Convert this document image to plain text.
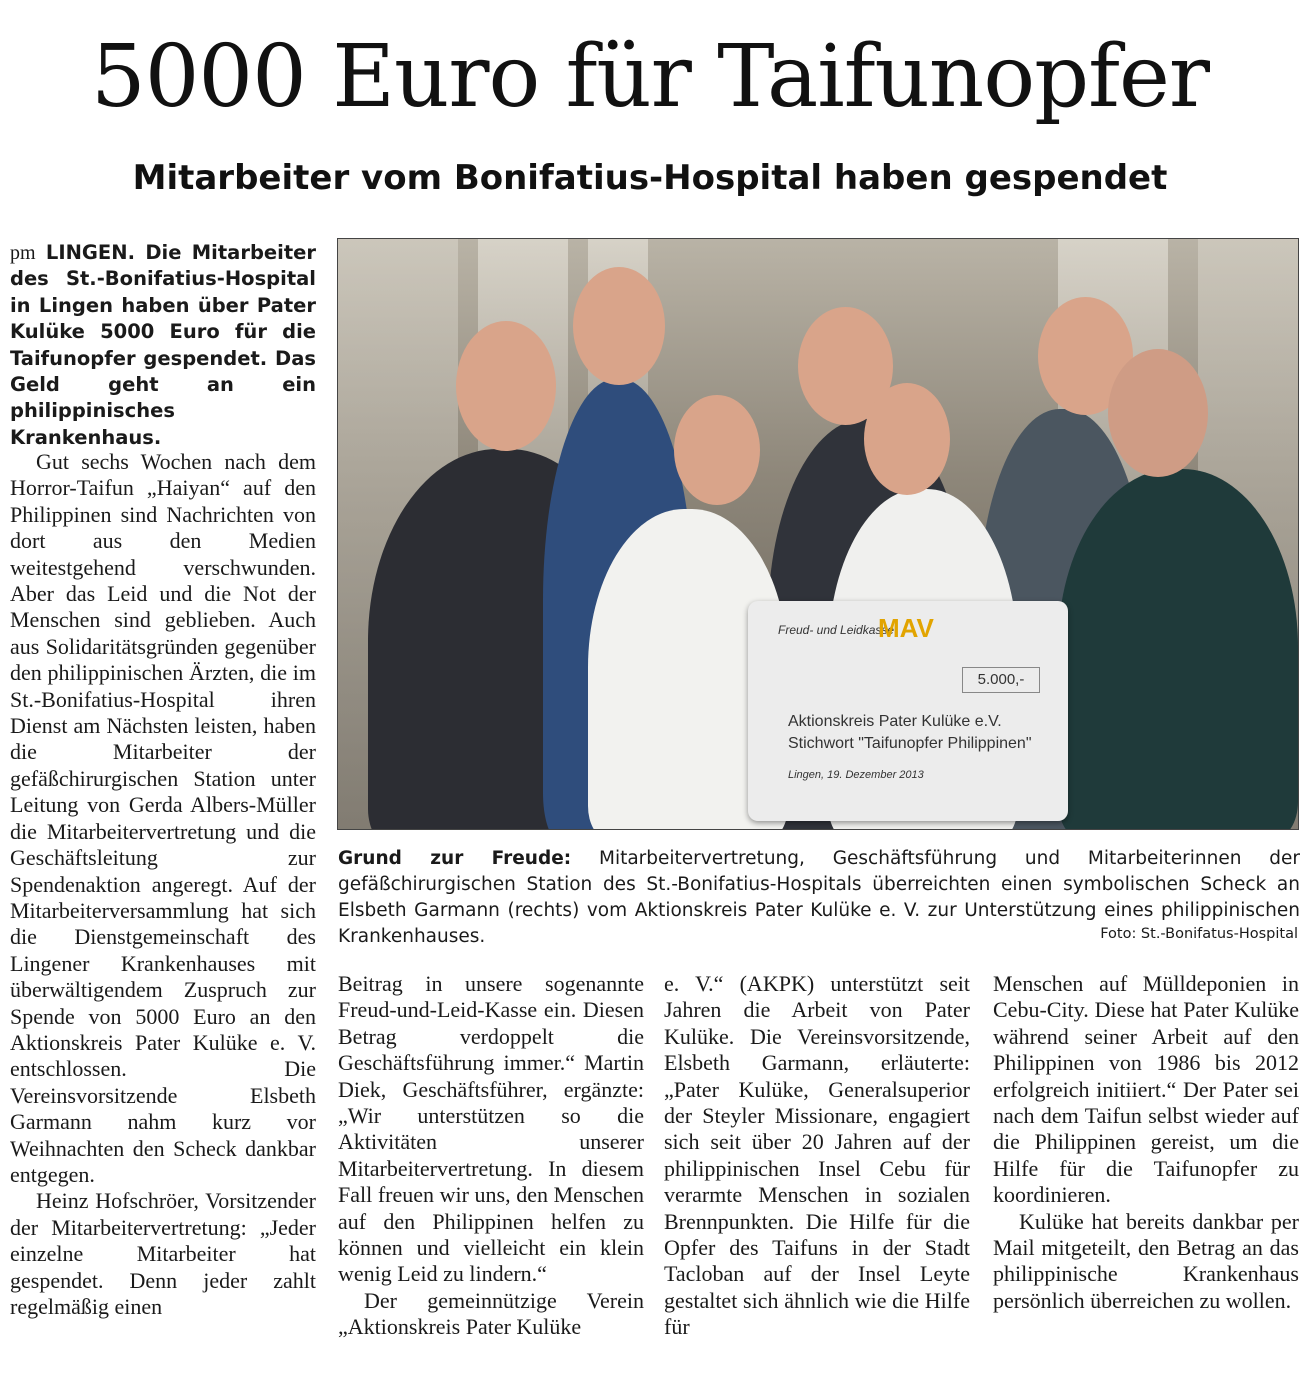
5000 Euro für Taifunopfer
Mitarbeiter vom Bonifatius-Hospital haben gespendet
pm LINGEN. Die Mitarbeiter des St.-Bonifatius-Hospital in Lingen haben über Pater Kulüke 5000 Euro für die Taifunopfer gespendet. Das Geld geht an ein philippinisches Krankenhaus.
Freud- und Leidkasse
MAV
5.000,-
Aktionskreis Pater Kulüke e.V.
Stichwort "Taifunopfer Philippinen"
Lingen, 19. Dezember 2013
Grund zur Freude: Mitarbeitervertretung, Geschäftsführung und Mitarbeiterinnen der gefäßchirurgischen Station des St.-Bonifatius-Hospitals überreichten einen symbolischen Scheck an Elsbeth Garmann (rechts) vom Aktionskreis Pater Kulüke e. V. zur Unterstützung eines philippinischen Krankenhauses.	Foto: St.-Bonifatus-Hospital

Gut sechs Wochen nach dem Horror-Taifun „Haiyan“ auf den Philippinen sind Nachrichten von dort aus den Medien weitestgehend verschwunden. Aber das Leid und die Not der Menschen sind geblieben. Auch aus Solidaritätsgründen gegenüber den philippinischen Ärzten, die im St.-Bonifatius-Hospital ihren Dienst am Nächsten leisten, haben die Mitarbeiter der gefäßchirurgischen Station unter Leitung von Gerda Albers-Müller die Mitarbeitervertretung und die Geschäftsleitung zur Spendenaktion angeregt. Auf der Mitarbeiterversammlung hat sich die Dienstgemeinschaft des Lingener Krankenhauses mit überwältigendem Zuspruch zur Spende von 5000 Euro an den Aktionskreis Pater Kulüke e. V. entschlossen. Die Vereinsvorsitzende Elsbeth Garmann nahm kurz vor Weihnachten den Scheck dankbar entgegen.

Heinz Hofschröer, Vorsitzender der Mitarbeitervertretung: „Jeder einzelne Mitarbeiter hat gespendet. Denn jeder zahlt regelmäßig einen

Beitrag in unsere sogenannte Freud-und-Leid-Kasse ein. Diesen Betrag verdoppelt die Geschäftsführung immer.“ Martin Diek, Geschäftsführer, ergänzte: „Wir unterstützen so die Aktivitäten unserer Mitarbeitervertretung. In diesem Fall freuen wir uns, den Menschen auf den Philippinen helfen zu können und vielleicht ein klein wenig Leid zu lindern.“

Der gemeinnützige Verein „Aktionskreis Pater Kulüke

e. V.“ (AKPK) unterstützt seit Jahren die Arbeit von Pater Kulüke. Die Vereinsvorsitzende, Elsbeth Garmann, erläuterte: „Pater Kulüke, Generalsuperior der Steyler Missionare, engagiert sich seit über 20 Jahren auf der philippinischen Insel Cebu für verarmte Menschen in sozialen Brennpunkten. Die Hilfe für die Opfer des Taifuns in der Stadt Tacloban auf der Insel Leyte gestaltet sich ähnlich wie die Hilfe für

Menschen auf Mülldeponien in Cebu-City. Diese hat Pater Kulüke während seiner Arbeit auf den Philippinen von 1986 bis 2012 erfolgreich initiiert.“ Der Pater sei nach dem Taifun selbst wieder auf die Philippinen gereist, um die Hilfe für die Taifunopfer zu koordinieren.

Kulüke hat bereits dankbar per Mail mitgeteilt, den Betrag an das philippinische Krankenhaus persönlich überreichen zu wollen.
